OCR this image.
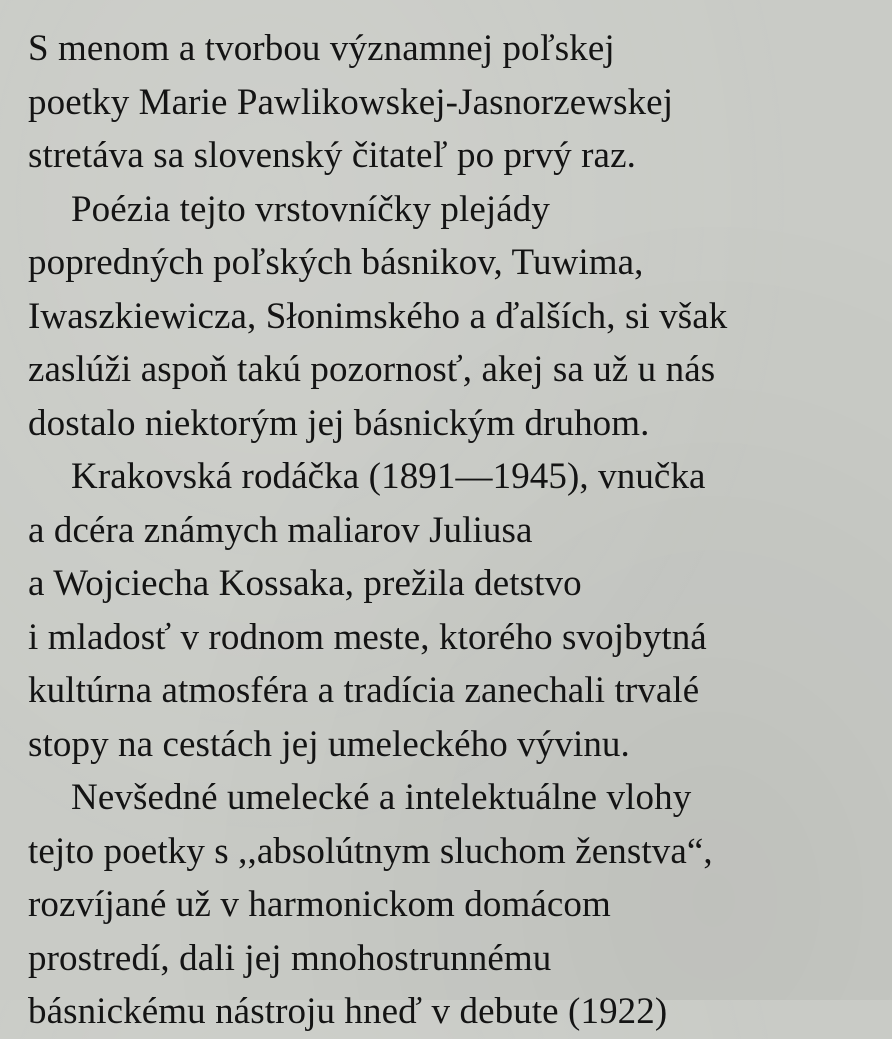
S menom a tvorbou významnej poľskej
poetky Marie Pawlikowskej-Jasnorzewskej
stretáva sa slovenský čitateľ po prvý raz.
Poézia tejto vrstovníčky plejády
popredných poľských básnikov, Tuwima,
Iwaszkiewicza, Słonimského a ďalších, si však
zaslúži aspoň takú pozornosť, akej sa už u nás
dostalo niektorým jej básnickým druhom.
Krakovská rodáčka (1891—1945), vnučka
a dcéra známych maliarov Juliusa
a Wojciecha Kossaka, prežila detstvo
i mladosť v rodnom meste, ktorého svojbytná
kultúrna atmosféra a tradícia zanechali trvalé
stopy na cestách jej umeleckého vývinu.
Nevšedné umelecké a intelektuálne vlohy
tejto poetky s ,,absolútnym sluchom ženstva“,
rozvíjané už v harmonickom domácom
prostredí, dali jej mnohostrunnému
básnickému nástroju hneď v debute (1922)
